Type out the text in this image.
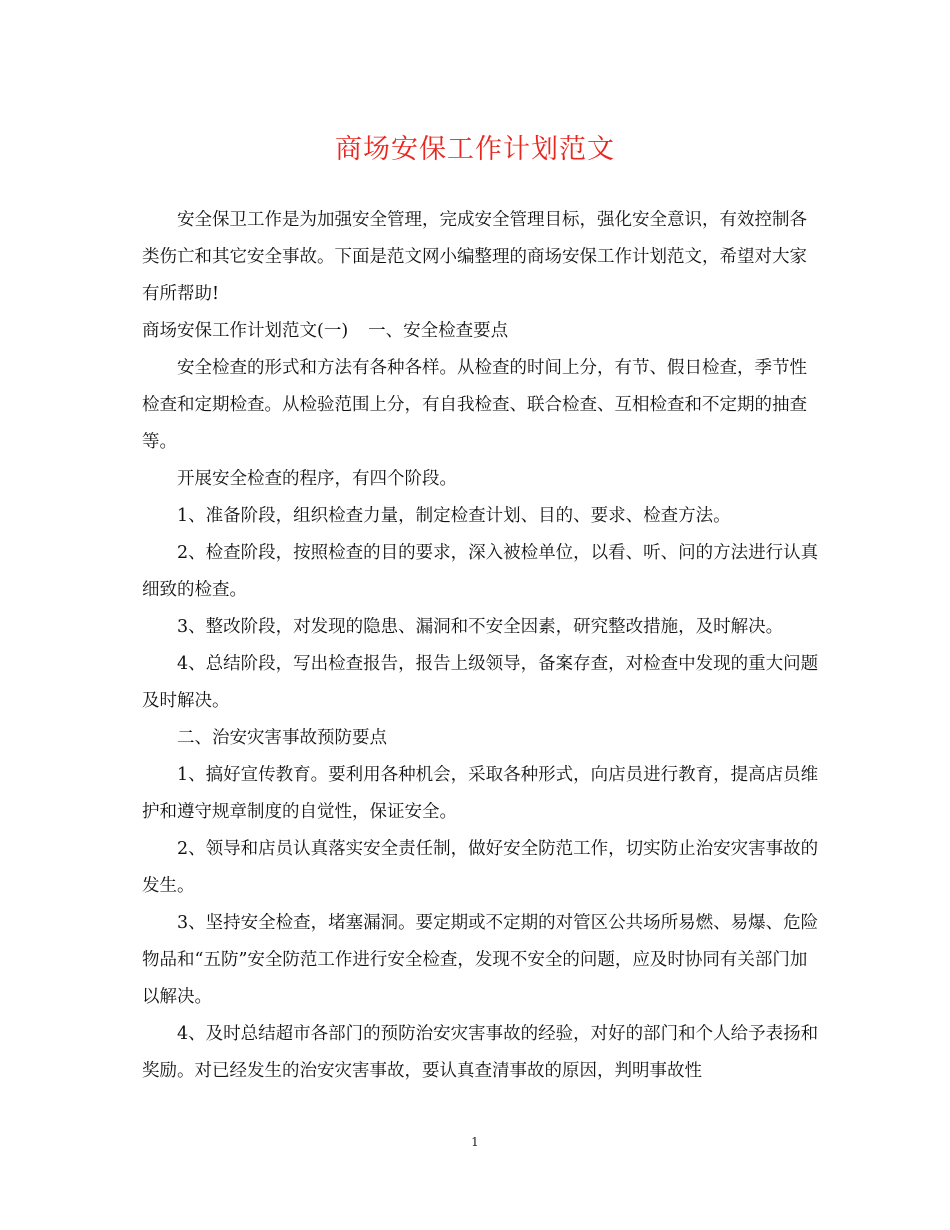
商场安保工作计划范文

安全保卫工作是为加强安全管理，完成安全管理目标，强化安全意识，有效控制各类伤亡和其它安全事故。下面是范文网小编整理的商场安保工作计划范文，希望对大家有所帮助!

商场安保工作计划范文(一) 一、安全检查要点

安全检查的形式和方法有各种各样。从检查的时间上分，有节、假日检查，季节性检查和定期检查。从检验范围上分，有自我检查、联合检查、互相检查和不定期的抽查等。

开展安全检查的程序，有四个阶段。

1、准备阶段，组织检查力量，制定检查计划、目的、要求、检查方法。

2、检查阶段，按照检查的目的要求，深入被检单位，以看、听、问的方法进行认真细致的检查。

3、整改阶段，对发现的隐患、漏洞和不安全因素，研究整改措施，及时解决。

4、总结阶段，写出检查报告，报告上级领导，备案存查，对检查中发现的重大问题及时解决。

二、治安灾害事故预防要点

1、搞好宣传教育。要利用各种机会，采取各种形式，向店员进行教育，提高店员维护和遵守规章制度的自觉性，保证安全。

2、领导和店员认真落实安全责任制，做好安全防范工作，切实防止治安灾害事故的发生。

3、坚持安全检查，堵塞漏洞。要定期或不定期的对管区公共场所易燃、易爆、危险物品和“五防”安全防范工作进行安全检查，发现不安全的问题，应及时协同有关部门加以解决。

4、及时总结超市各部门的预防治安灾害事故的经验，对好的部门和个人给予表扬和奖励。对已经发生的治安灾害事故，要认真查清事故的原因，判明事故性

1
